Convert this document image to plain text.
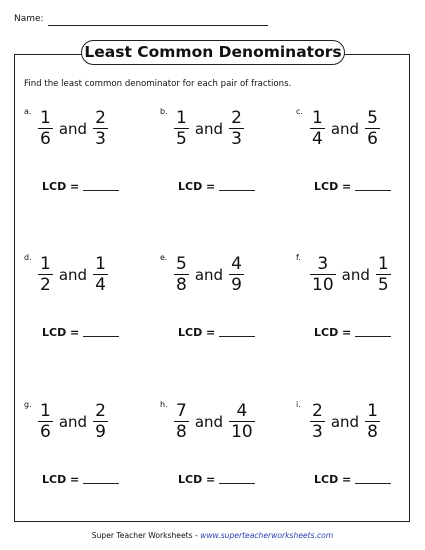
Name:
Least Common Denominators
Find the least common denominator for each pair of fractions.
a. $\frac{1}{6}$ and $\frac{2}{3}$
LCD =
b. $\frac{1}{5}$ and $\frac{2}{3}$
LCD =
c. $\frac{1}{4}$ and $\frac{5}{6}$
LCD =
d. $\frac{1}{2}$ and $\frac{1}{4}$
LCD =
e. $\frac{5}{8}$ and $\frac{4}{9}$
LCD =
f. $\frac{3}{10}$ and $\frac{1}{5}$
LCD =
g. $\frac{1}{6}$ and $\frac{2}{9}$
LCD =
h. $\frac{7}{8}$ and $\frac{4}{10}$
LCD =
i. $\frac{2}{3}$ and $\frac{1}{8}$
LCD =
Super Teacher Worksheets - www.superteacherworksheets.com
